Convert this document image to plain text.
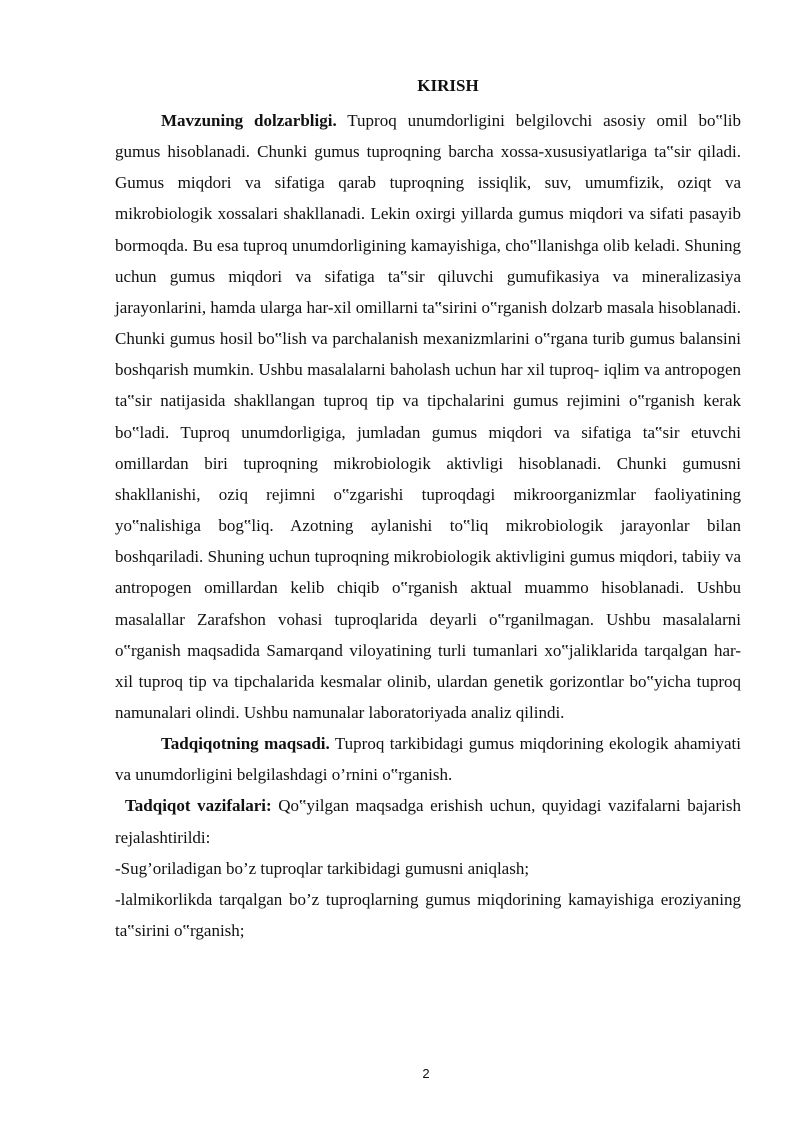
KIRISH

Mavzuning dolzarbligi. Tuproq unumdorligini belgilovchi asosiy omil bo‟lib gumus hisoblanadi. Chunki gumus tuproqning barcha xossa-xususiyatlariga ta‟sir qiladi. Gumus miqdori va sifatiga qarab tuproqning issiqlik, suv, umumfizik, oziqt va mikrobiologik xossalari shakllanadi. Lekin oxirgi yillarda gumus miqdori va sifati pasayib bormoqda. Bu esa tuproq unumdorligining kamayishiga, cho‟llanishga olib keladi. Shuning uchun gumus miqdori va sifatiga ta‟sir qiluvchi gumufikasiya va mineralizasiya jarayonlarini, hamda ularga har-xil omillarni ta‟sirini o‟rganish dolzarb masala hisoblanadi. Chunki gumus hosil bo‟lish va parchalanish mexanizmlarini o‟rgana turib gumus balansini boshqarish mumkin. Ushbu masalalarni baholash uchun har xil tuproq- iqlim va antropogen ta‟sir natijasida shakllangan tuproq tip va tipchalarini gumus rejimini o‟rganish kerak bo‟ladi. Tuproq unumdorligiga, jumladan gumus miqdori va sifatiga ta‟sir etuvchi omillardan biri tuproqning mikrobiologik aktivligi hisoblanadi. Chunki gumusni shakllanishi, oziq rejimni o‟zgarishi tuproqdagi mikroorganizmlar faoliyatining yo‟nalishiga bog‟liq. Azotning aylanishi to‟liq mikrobiologik jarayonlar bilan boshqariladi. Shuning uchun tuproqning mikrobiologik aktivligini gumus miqdori, tabiiy va antropogen omillardan kelib chiqib o‟rganish aktual muammo hisoblanadi. Ushbu masalallar Zarafshon vohasi tuproqlarida deyarli o‟rganilmagan. Ushbu masalalarni o‟rganish maqsadida Samarqand viloyatining turli tumanlari xo‟jaliklarida tarqalgan har-xil tuproq tip va tipchalarida kesmalar olinib, ulardan genetik gorizontlar bo‟yicha tuproq namunalari olindi. Ushbu namunalar laboratoriyada analiz qilindi.

Tadqiqotning maqsadi. Tuproq tarkibidagi gumus miqdorining ekologik ahamiyati va unumdorligini belgilashdagi o’rnini o‟rganish.

Tadqiqot vazifalari: Qo‟yilgan maqsadga erishish uchun, quyidagi vazifalarni bajarish rejalashtirildi:

-Sug’oriladigan bo’z tuproqlar tarkibidagi gumusni aniqlash;

-lalmikorlikda tarqalgan bo’z tuproqlarning gumus miqdorining kamayishiga eroziyaning ta‟sirini o‟rganish;

2
